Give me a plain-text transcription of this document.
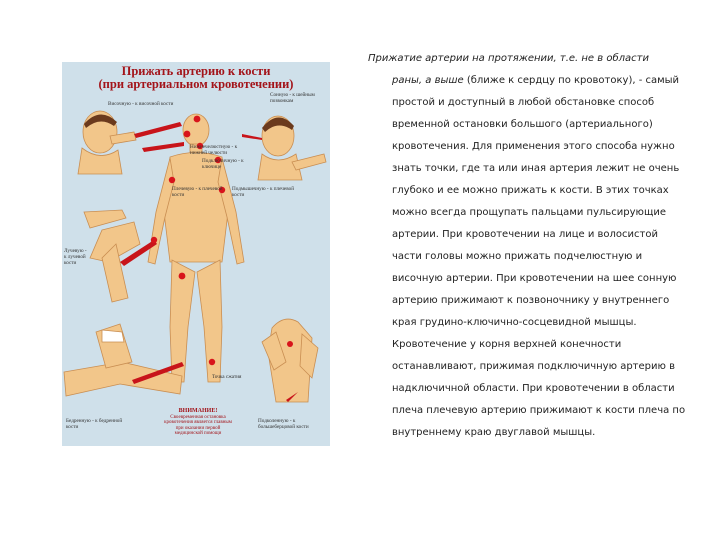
Прижать артерию к кости
(при артериальном кровотечении)
Височную - к височной кости
Сонную - к шейным позвонкам
Нижнечелюстную - к нижней челюсти
Подключичную - к ключице
Подмышечную - к плечевой кости
Плечевую - к плечевой кости
Лучевую - к лучевой кости
Точка сжатия
Бедренную - к бедренной кости
Подколенную - к большеберцовой кости
ВНИМАНИЕ!
Своевременная остановка кровотечения является главным при оказании первой медицинской помощи
Прижатие артерии на протяжении, т.е. не в области
раны, а выше (ближе к сердцу по кровотоку), - самый
простой и доступный в любой обстановке способ
временной остановки большого (артериального)
кровотечения. Для применения этого способа нужно
знать точки, где та или иная артерия лежит не очень
глубоко и ее можно прижать к кости. В этих точках
можно всегда прощупать пальцами пульсирующие
артерии. При кровотечении на лице и волосистой
части головы можно прижать подчелюстную и
височную артерии. При кровотечении на шее сонную
артерию прижимают к позвоночнику у внутреннего
края грудино-ключично-сосцевидной мышцы.
Кровотечение у корня верхней конечности
останавливают, прижимая подключичную артерию в
надключичной области. При кровотечении в области
плеча плечевую артерию прижимают к кости плеча по
внутреннему краю двуглавой мышцы.
